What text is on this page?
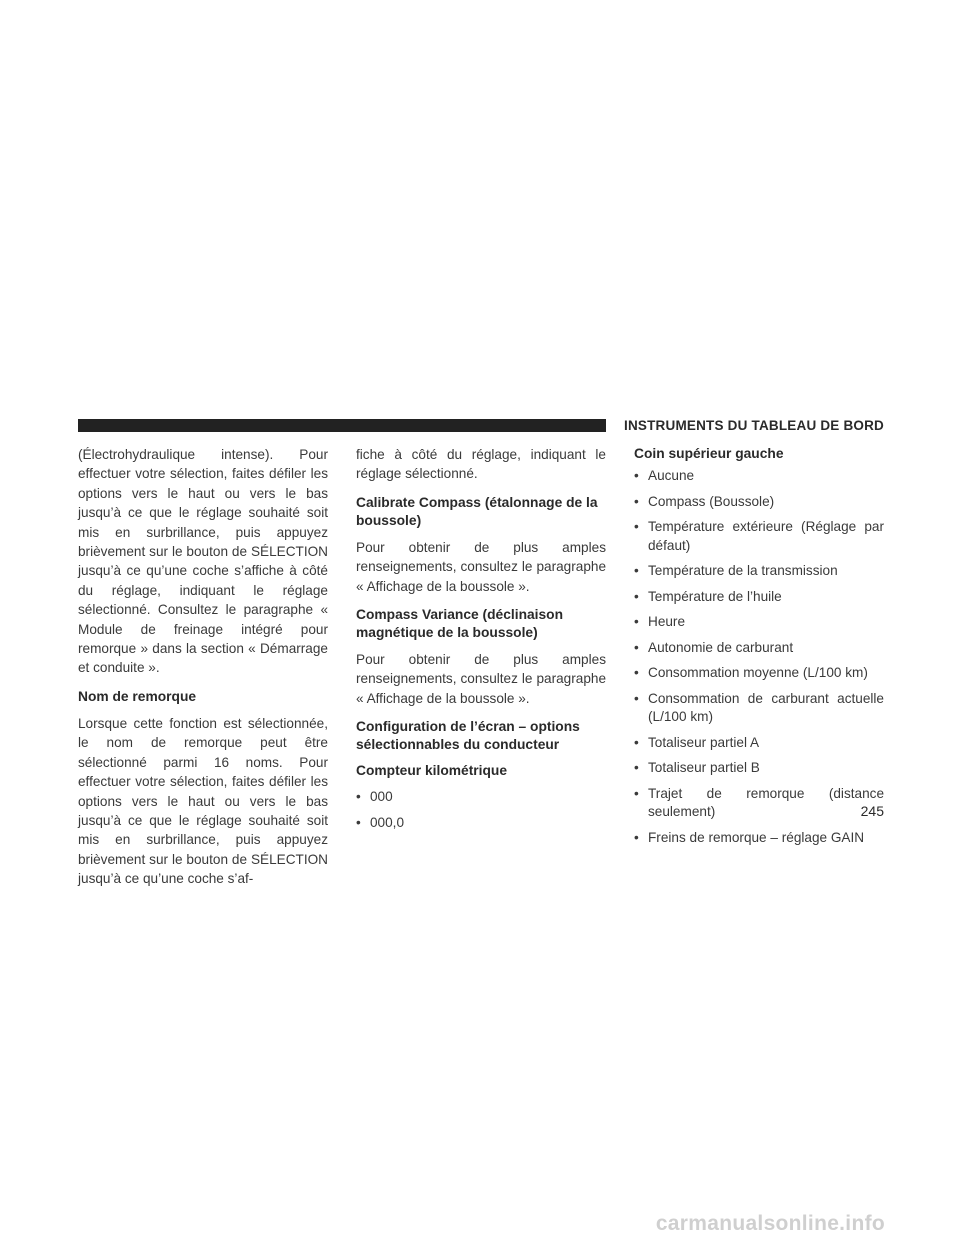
INSTRUMENTS DU TABLEAU DE BORD

(Électrohydraulique intense). Pour effectuer votre sélection, faites défiler les options vers le haut ou vers le bas jusqu’à ce que le réglage souhaité soit mis en surbrillance, puis appuyez brièvement sur le bouton de SÉLECTION jusqu’à ce qu’une coche s’affiche à côté du réglage, indiquant le réglage sélectionné. Consultez le paragraphe « Module de freinage intégré pour remorque » dans la section « Démarrage et conduite ».

Nom de remorque

Lorsque cette fonction est sélectionnée, le nom de remorque peut être sélectionné parmi 16 noms. Pour effectuer votre sélection, faites défiler les options vers le haut ou vers le bas jusqu’à ce que le réglage souhaité soit mis en surbrillance, puis appuyez brièvement sur le bouton de SÉLECTION jusqu’à ce qu’une coche s’af-

fiche à côté du réglage, indiquant le réglage sélectionné.

Calibrate Compass (étalonnage de la boussole)

Pour obtenir de plus amples renseignements, consultez le paragraphe « Affichage de la boussole ».

Compass Variance (déclinaison magnétique de la boussole)

Pour obtenir de plus amples renseignements, consultez le paragraphe « Affichage de la boussole ».

Configuration de l’écran – options sélectionnables du conducteur
Compteur kilométrique
• 000
• 000,0
Coin supérieur gauche
• Aucune
• Compass (Boussole)
• Température extérieure (Réglage par défaut)
• Température de la transmission
• Température de l’huile
• Heure
• Autonomie de carburant
• Consommation moyenne (L/100 km)
• Consommation de carburant actuelle (L/100 km)
• Totaliseur partiel A
• Totaliseur partiel B
• Trajet de remorque (distance seulement)
• Freins de remorque – réglage GAIN
245
carmanualsonline.info
